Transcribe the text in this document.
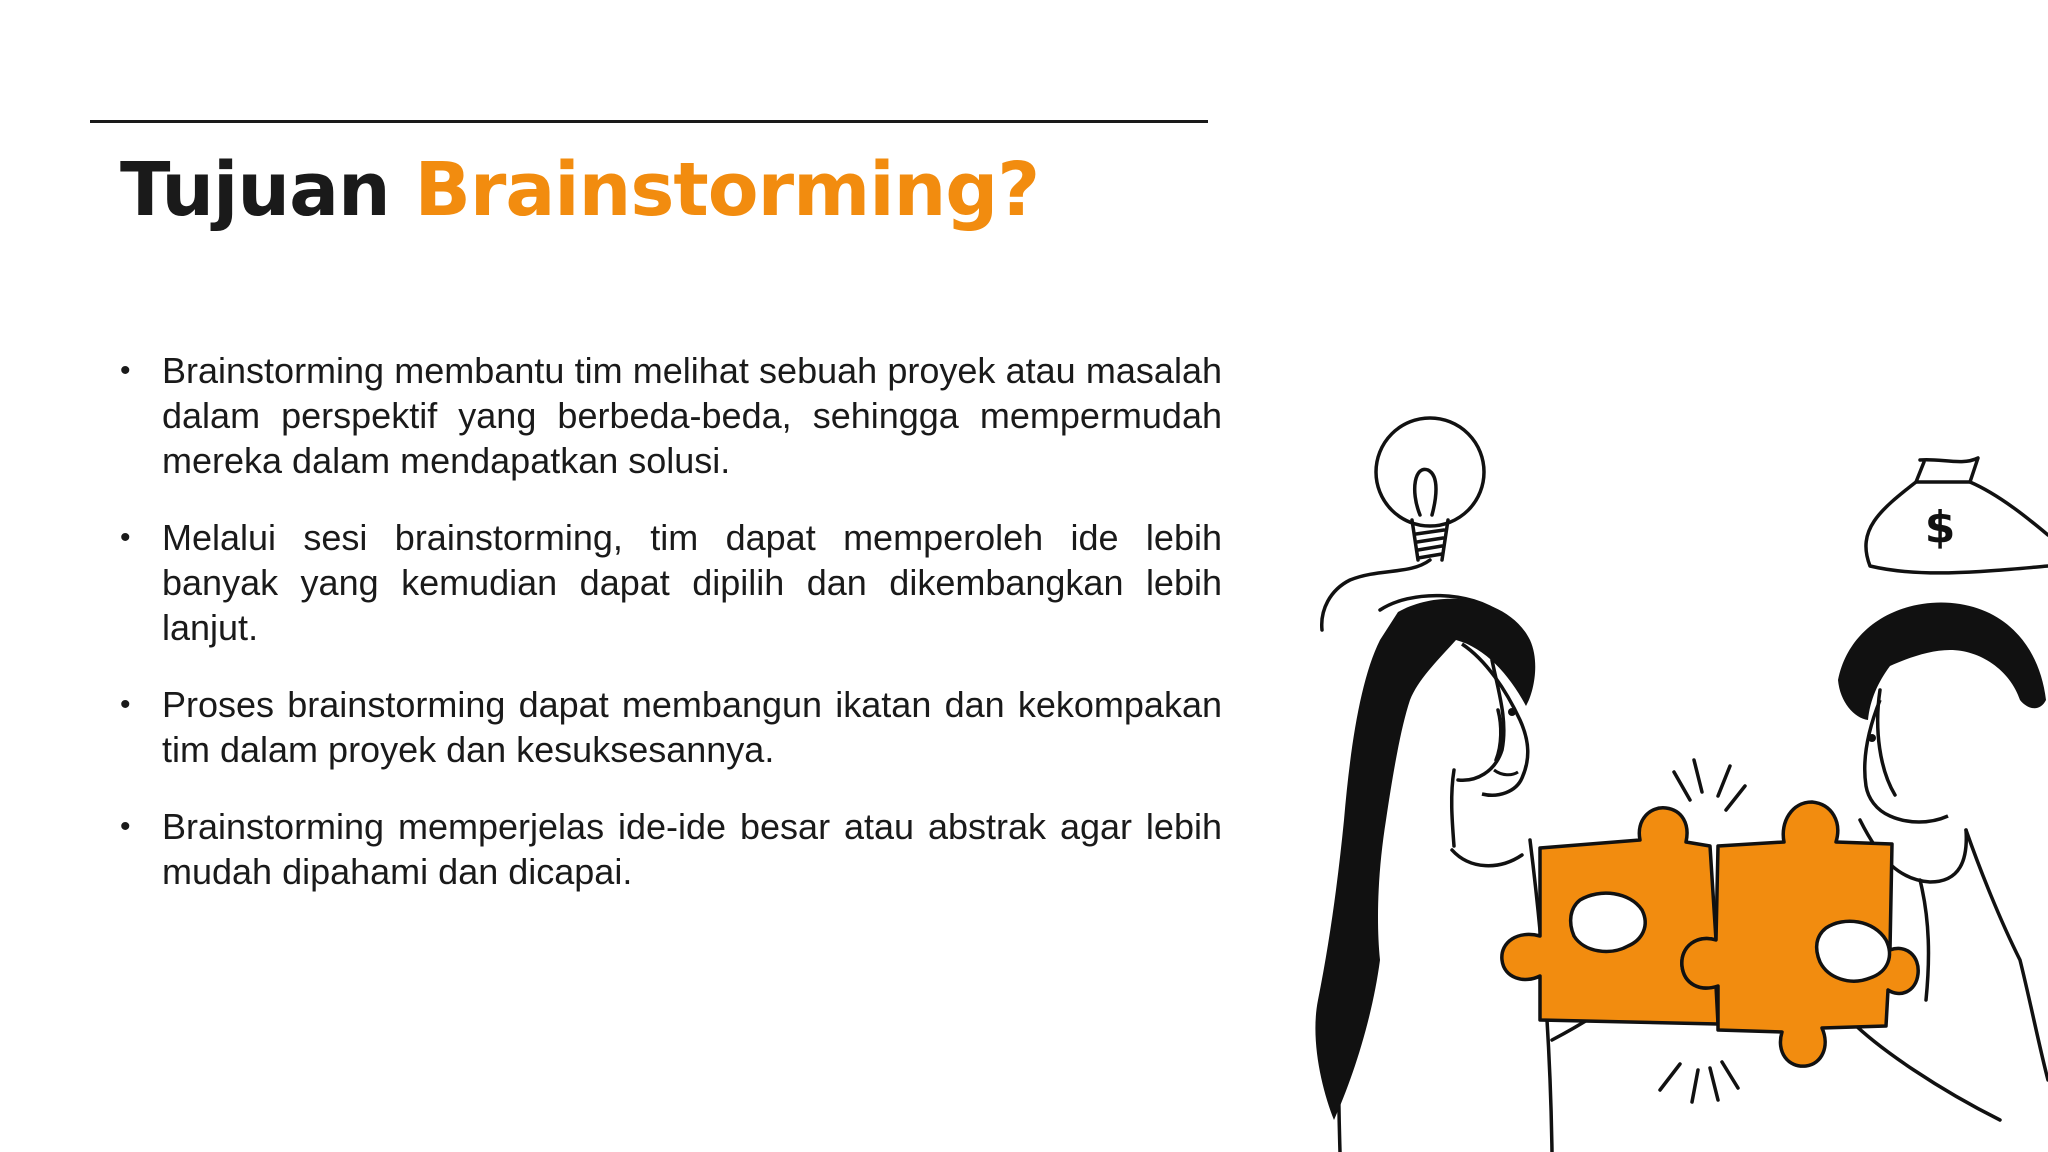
Tujuan Brainstorming?
• Brainstorming membantu tim melihat sebuah proyek atau masalah dalam perspektif yang berbeda-beda, sehingga mempermudah mereka dalam mendapatkan solusi.
• Melalui sesi brainstorming, tim dapat memperoleh ide lebih banyak yang kemudian dapat dipilih dan dikembangkan lebih lanjut.
• Proses brainstorming dapat membangun ikatan dan kekompakan tim dalam proyek dan kesuksesannya.
• Brainstorming memperjelas ide-ide besar atau abstrak agar lebih mudah dipahami dan dicapai.
$
